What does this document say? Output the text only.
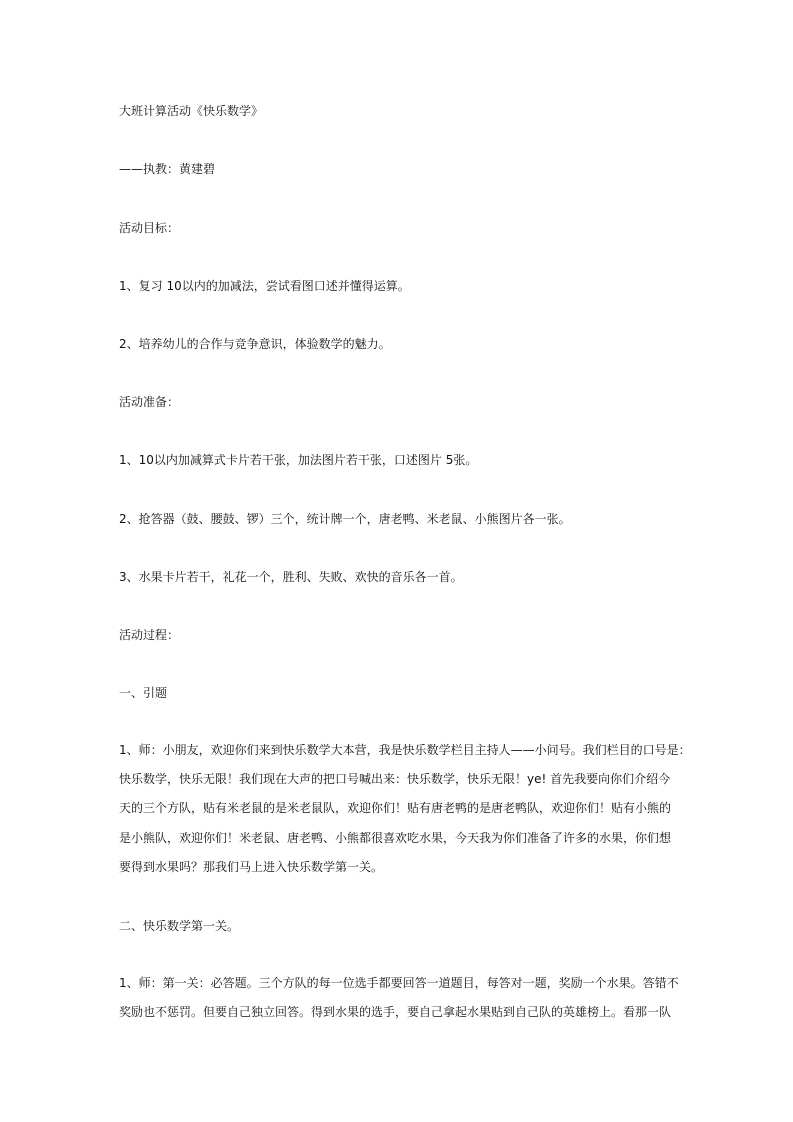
大班计算活动《快乐数学》

——执教：黄建碧

活动目标：

1、复习 10以内的加减法，尝试看图口述并懂得运算。

2、培养幼儿的合作与竞争意识，体验数学的魅力。

活动准备：

1、10以内加减算式卡片若干张，加法图片若干张，口述图片 5张。

2、抢答器（鼓、腰鼓、锣）三个，统计牌一个，唐老鸭、米老鼠、小熊图片各一张。

3、水果卡片若干，礼花一个，胜利、失败、欢快的音乐各一首。

活动过程：

一、引题

1、师：小朋友，欢迎你们来到快乐数学大本营，我是快乐数学栏目主持人——小问号。我们栏目的口号是：
快乐数学，快乐无限！我们现在大声的把口号喊出来：快乐数学，快乐无限！ye! 首先我要向你们介绍今
天的三个方队，贴有米老鼠的是米老鼠队，欢迎你们！贴有唐老鸭的是唐老鸭队，欢迎你们！贴有小熊的
是小熊队，欢迎你们！米老鼠、唐老鸭、小熊都很喜欢吃水果，今天我为你们准备了许多的水果，你们想
要得到水果吗？那我们马上进入快乐数学第一关。

二、快乐数学第一关。

1、师：第一关：必答题。三个方队的每一位选手都要回答一道题目，每答对一题，奖励一个水果。答错不
奖励也不惩罚。但要自己独立回答。得到水果的选手，要自己拿起水果贴到自己队的英雄榜上。看那一队
